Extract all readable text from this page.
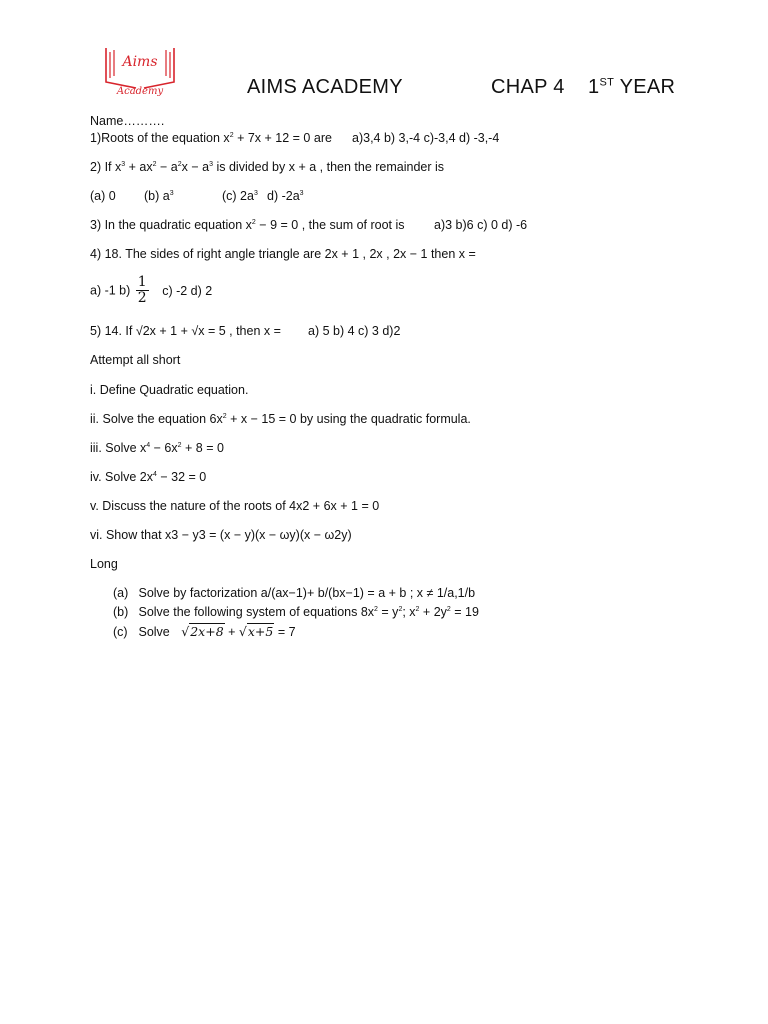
Aims
Academy	AIMS ACADEMY	CHAP 4 1ST YEAR
Name……….
1)Roots of the equation $x^2 + 7x + 12 = 0$ are a)3,4 b) 3,-4 c)-3,4 d) -3,-4
2) If $x^3 + ax^2 - a^2x - a^3$ is divided by x + a , then the remainder is
(a) 0 (b) $a^3$	(c) $2a^3$ d) $-2a^3$
3) In the quadratic equation $x^2 - 9 = 0$ , the sum of root is a)3 b)6 c) 0 d) -6
4) 18. The sides of right angle triangle are 2x + 1 , 2x , 2x − 1 then x =
a) -1 $b) \frac{1}{2} c$) -2 d) 2
5) 14. If √2x + 1 + √x = 5 , then x = a) 5 b) 4 c) 3 d)2
Attempt all short
i. Define Quadratic equation.
ii. Solve the equation $6x^2 + x - 15 = 0$ by using the quadratic formula.
iii. Solve $x^4 - 6x^2 + 8 = 0$
iv. Solve $2x^4 - 32 = 0$
v. Discuss the nature of the roots of 4x2 + 6x + 1 = 0
vi. Show that x3 − y3 = (x − y)(x − ωy)(x − ω2y)
Long
(a) Solve by factorization a/(ax−1)+ b/(bx−1) = a + b ; x ≠ 1/a,1/b
(b) Solve the following system of equations $8x^2 = y^2$; $x^2 + 2y^2 = 19$
(c) Solve √2x+8 + √x+5 = 7
